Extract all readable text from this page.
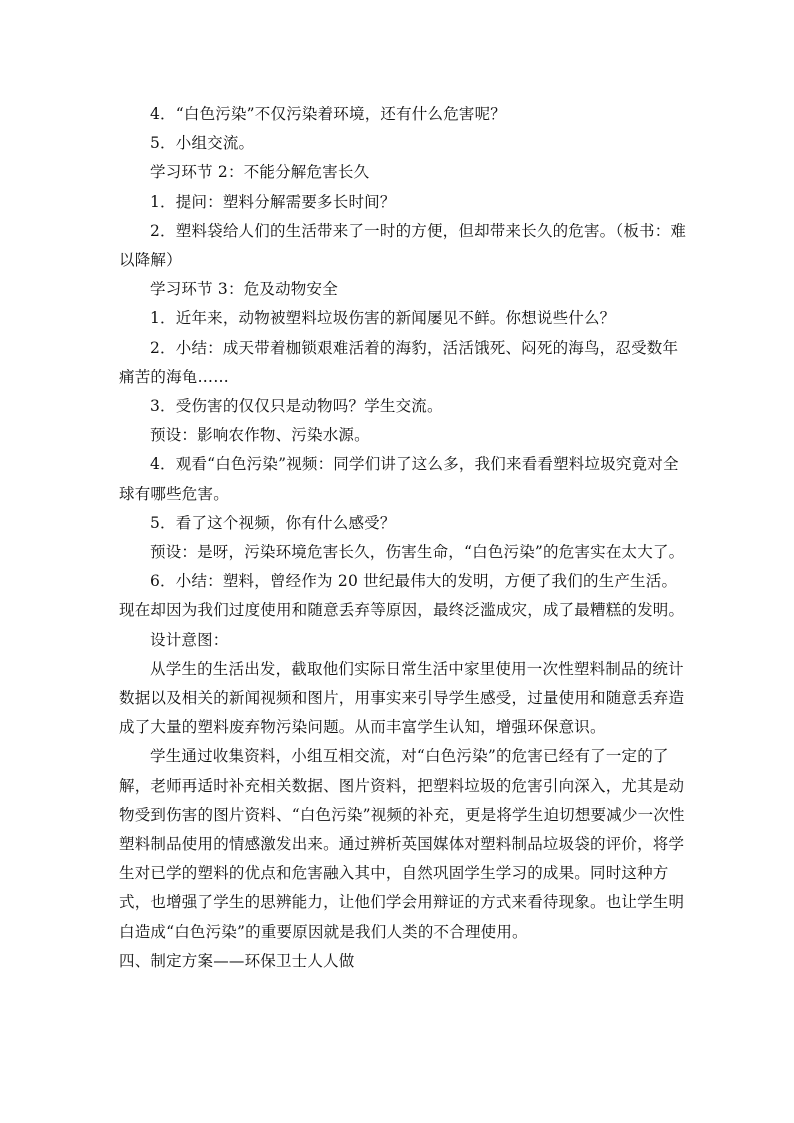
4．“白色污染”不仅污染着环境，还有什么危害呢？

5．小组交流。

学习环节 2：不能分解危害长久

1．提问：塑料分解需要多长时间？

2．塑料袋给人们的生活带来了一时的方便，但却带来长久的危害。（板书：难以降解）

学习环节 3：危及动物安全

1．近年来，动物被塑料垃圾伤害的新闻屡见不鲜。你想说些什么？

2．小结：成天带着枷锁艰难活着的海豹，活活饿死、闷死的海鸟，忍受数年痛苦的海龟……

3．受伤害的仅仅只是动物吗？学生交流。

预设：影响农作物、污染水源。

4．观看“白色污染”视频：同学们讲了这么多，我们来看看塑料垃圾究竟对全球有哪些危害。

5．看了这个视频，你有什么感受？

预设：是呀，污染环境危害长久，伤害生命，“白色污染”的危害实在太大了。

6．小结：塑料，曾经作为 20 世纪最伟大的发明，方便了我们的生产生活。现在却因为我们过度使用和随意丢弃等原因，最终泛滥成灾，成了最糟糕的发明。

设计意图：

从学生的生活出发，截取他们实际日常生活中家里使用一次性塑料制品的统计数据以及相关的新闻视频和图片，用事实来引导学生感受，过量使用和随意丢弃造成了大量的塑料废弃物污染问题。从而丰富学生认知，增强环保意识。

学生通过收集资料，小组互相交流，对“白色污染”的危害已经有了一定的了解，老师再适时补充相关数据、图片资料，把塑料垃圾的危害引向深入，尤其是动物受到伤害的图片资料、“白色污染”视频的补充，更是将学生迫切想要减少一次性塑料制品使用的情感激发出来。通过辨析英国媒体对塑料制品垃圾袋的评价，将学生对已学的塑料的优点和危害融入其中，自然巩固学生学习的成果。同时这种方式，也增强了学生的思辨能力，让他们学会用辩证的方式来看待现象。也让学生明白造成“白色污染”的重要原因就是我们人类的不合理使用。

四、制定方案——环保卫士人人做
